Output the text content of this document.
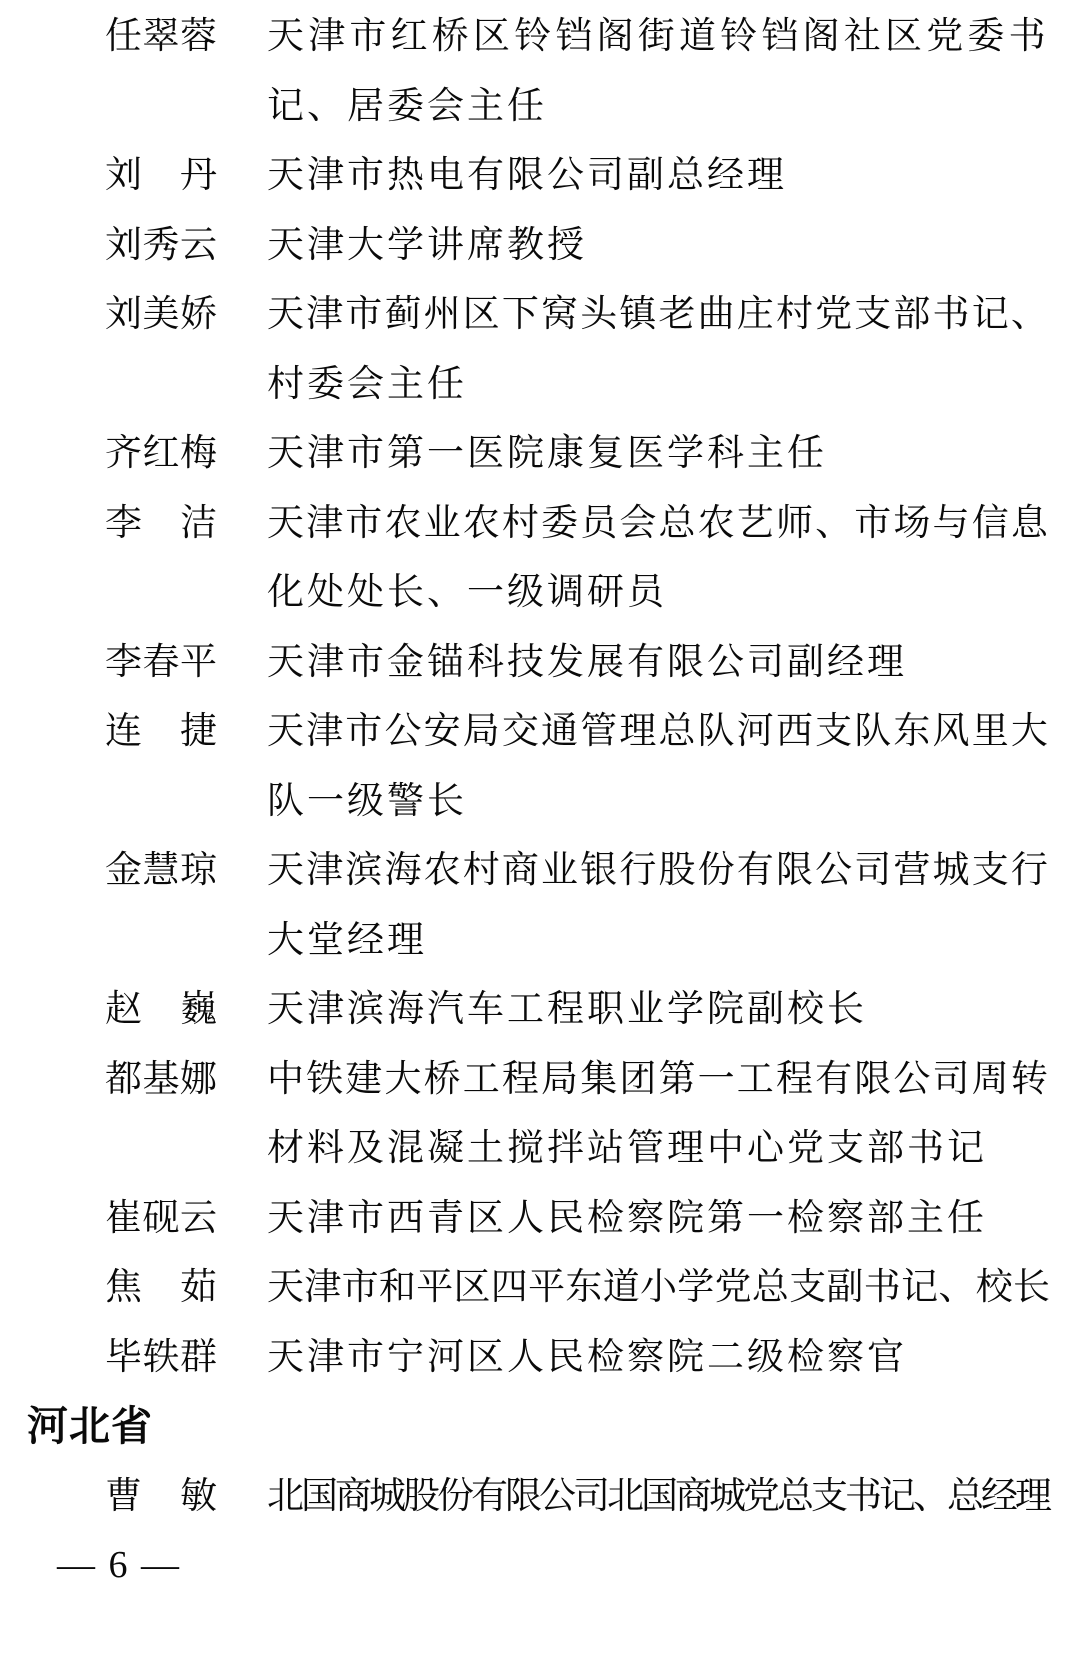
任 翠 蓉 天津市红桥区铃铛阁街道铃铛阁社区党委书
记、居委会主任
刘 丹 天津市热电有限公司副总经理
刘 秀 云 天津大学讲席教授
刘 美 娇 天津市蓟州区下窝头镇老曲庄村党支部书记、
村委会主任
齐 红 梅 天津市第一医院康复医学科主任
李 洁 天津市农业农村委员会总农艺师、市场与信息
化处处长、一级调研员
李 春 平 天津市金锚科技发展有限公司副经理
连 捷 天津市公安局交通管理总队河西支队东风里大
队一级警长
金 慧 琼 天津滨海农村商业银行股份有限公司营城支行
大堂经理
赵 巍 天津滨海汽车工程职业学院副校长
都 基 娜 中铁建大桥工程局集团第一工程有限公司周转
材料及混凝土搅拌站管理中心党支部书记
崔 砚 云 天津市西青区人民检察院第一检察部主任
焦 茹 天津市和平区四平东道小学党总支副书记、校长
毕 轶 群 天津市宁河区人民检察院二级检察官
河北省
曹 敏 北国商城股份有限公司北国商城党总支书记、总经理
— 6 —
